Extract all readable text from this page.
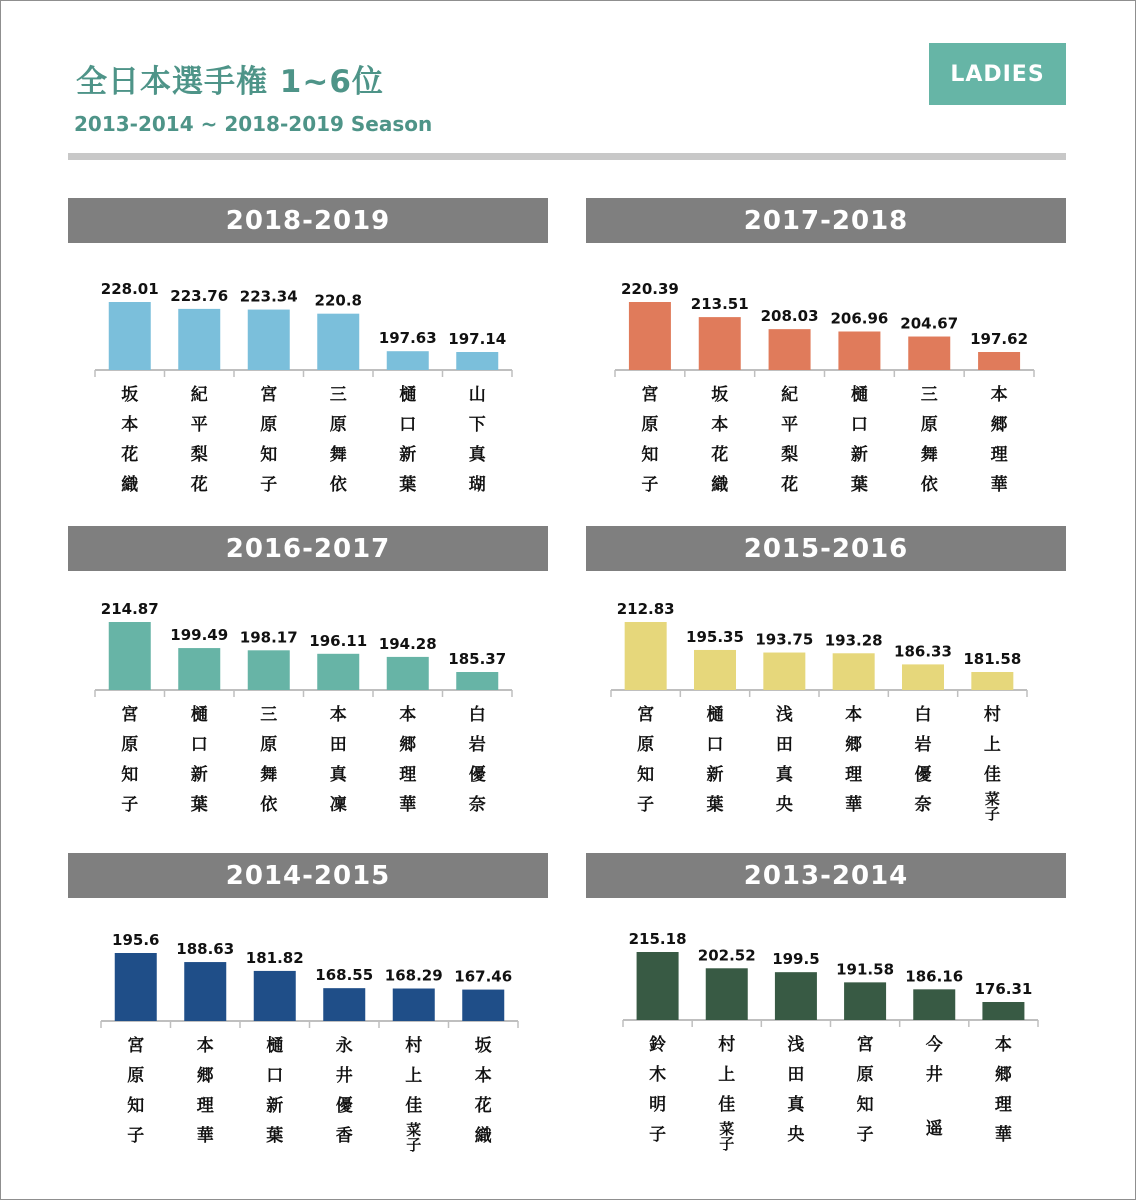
全日本選手権 1~6位
2013-2014 ~ 2018-2019 Season
LADIES
2018-2019
228.01
坂
本
花
織
223.76
紀
平
梨
花
223.34
宮
原
知
子
220.8
三
原
舞
依
197.63
樋
口
新
葉
197.14
山
下
真
瑚
2017-2018
220.39
宮
原
知
子
213.51
坂
本
花
織
208.03
紀
平
梨
花
206.96
樋
口
新
葉
204.67
三
原
舞
依
197.62
本
郷
理
華
2016-2017
214.87
宮
原
知
子
199.49
樋
口
新
葉
198.17
三
原
舞
依
196.11
本
田
真
凜
194.28
本
郷
理
華
185.37
白
岩
優
奈
2015-2016
212.83
宮
原
知
子
195.35
樋
口
新
葉
193.75
浅
田
真
央
193.28
本
郷
理
華
186.33
白
岩
優
奈
181.58
村
上
佳
菜
子
2014-2015
195.6
宮
原
知
子
188.63
本
郷
理
華
181.82
樋
口
新
葉
168.55
永
井
優
香
168.29
村
上
佳
菜
子
167.46
坂
本
花
織
2013-2014
215.18
鈴
木
明
子
202.52
村
上
佳
菜
子
199.5
浅
田
真
央
191.58
宮
原
知
子
186.16
今
井
遥
176.31
本
郷
理
華
